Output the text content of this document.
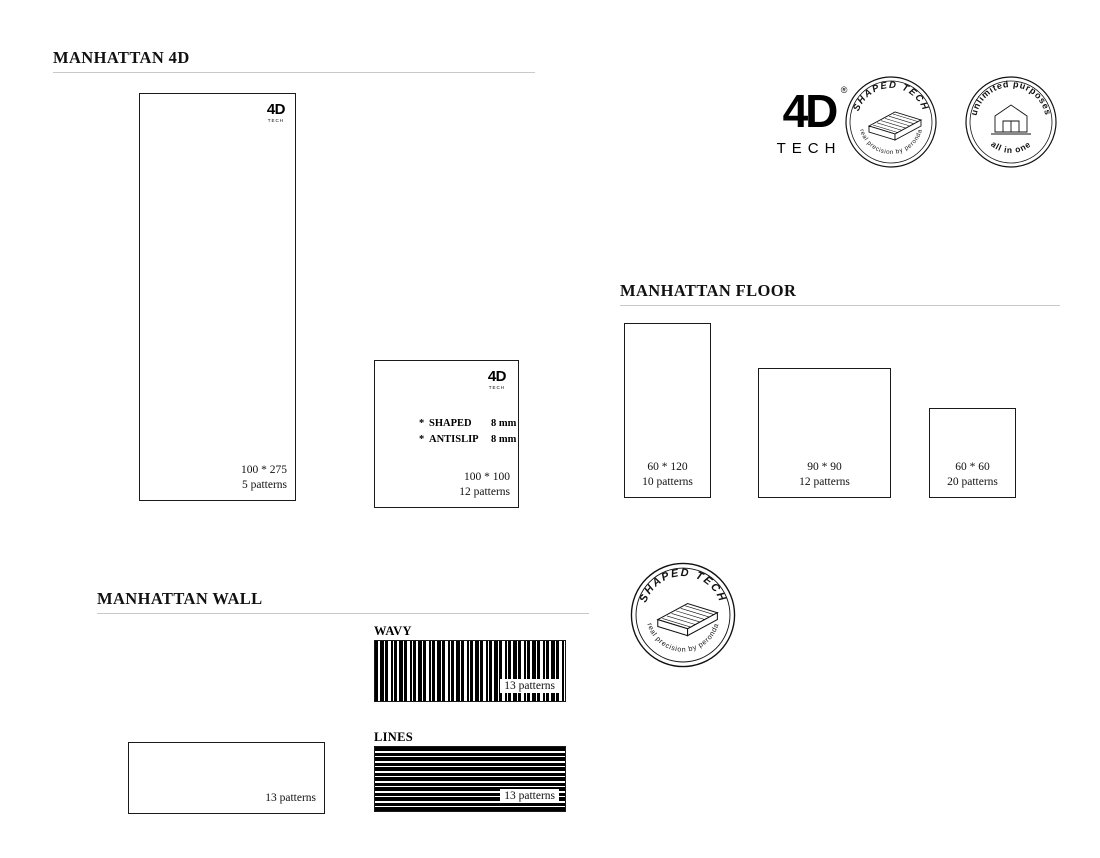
MANHATTAN 4D
4D
TECH
100 * 275
5 patterns
4D
TECH
* SHAPED 8 mm
* ANTISLIP 8 mm
100 * 100
12 patterns
4D ®
TECH
SHAPED TECH
real precision by peronda
unlimited purposes
all in one
MANHATTAN FLOOR
60 * 120
10 patterns
90 * 90
12 patterns
60 * 60
20 patterns
MANHATTAN WALL
13 patterns
WAVY
13 patterns
LINES
13 patterns
SHAPED TECH
real precision by peronda
